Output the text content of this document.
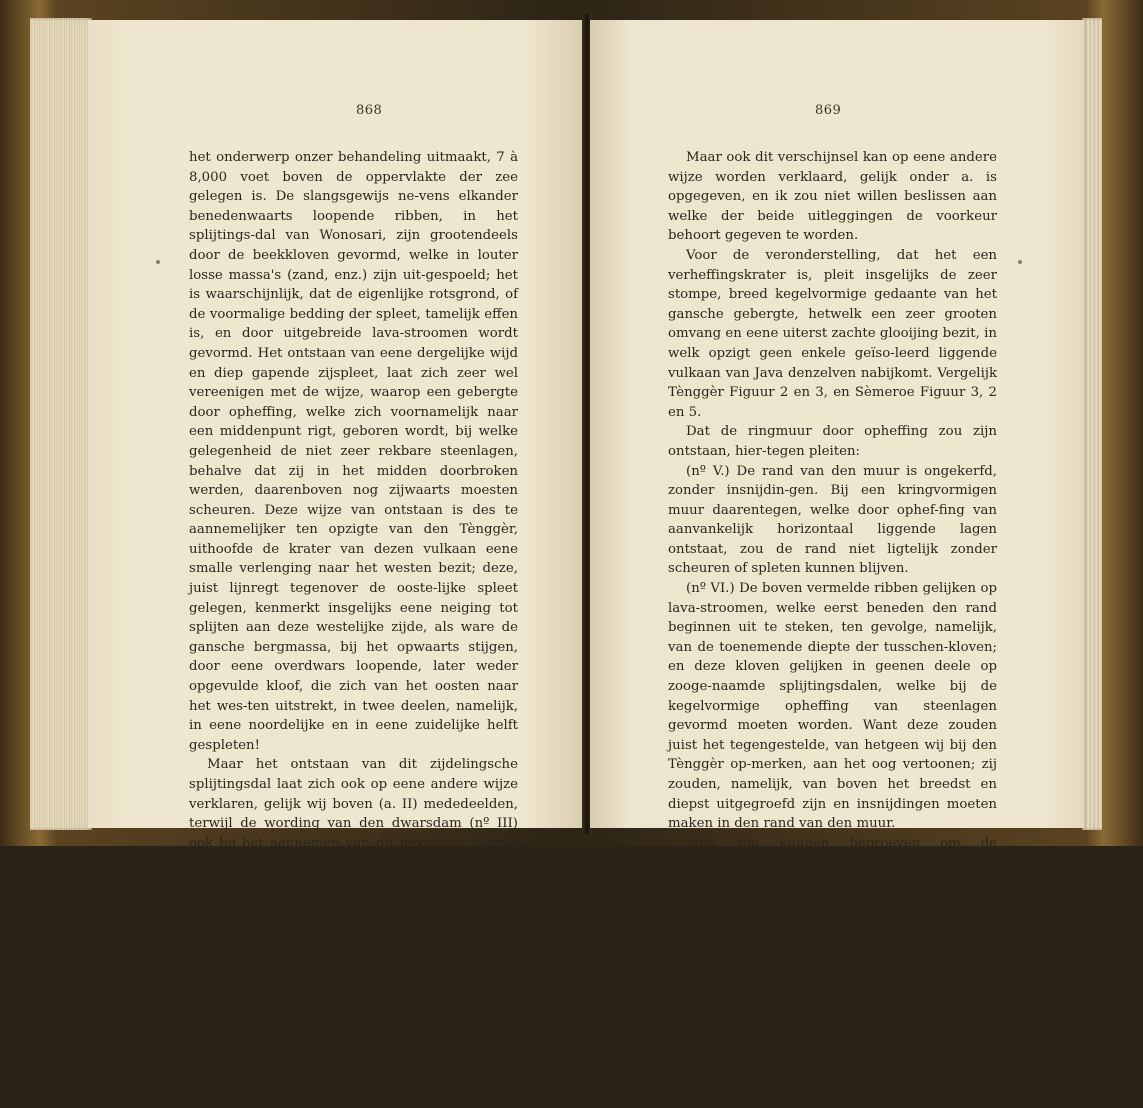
868

het onderwerp onzer behandeling uitmaakt, 7 à 8,000 voet boven de oppervlakte der zee gelegen is. De slangsgewijs ne-vens elkander benedenwaarts loopende ribben, in het splijtings-dal van Wonosari, zijn grootendeels door de beekkloven gevormd, welke in louter losse massa's (zand, enz.) zijn uit-gespoeld; het is waarschijnlijk, dat de eigenlijke rotsgrond, of de voormalige bedding der spleet, tamelijk effen is, en door uitgebreide lava-stroomen wordt gevormd. Het ontstaan van eene dergelijke wijd en diep gapende zijspleet, laat zich zeer wel vereenigen met de wijze, waarop een gebergte door opheffing, welke zich voornamelijk naar een middenpunt rigt, geboren wordt, bij welke gelegenheid de niet zeer rekbare steenlagen, behalve dat zij in het midden doorbroken werden, daarenboven nog zijwaarts moesten scheuren. Deze wijze van ontstaan is des te aannemelijker ten opzigte van den Tènggèr, uithoofde de krater van dezen vulkaan eene smalle verlenging naar het westen bezit; deze, juist lijnregt tegenover de ooste-lijke spleet gelegen, kenmerkt insgelijks eene neiging tot splijten aan deze westelijke zijde, als ware de gansche bergmassa, bij het opwaarts stijgen, door eene overdwars loopende, later weder opgevulde kloof, die zich van het oosten naar het wes-ten uitstrekt, in twee deelen, namelijk, in eene noordelijke en in eene zuidelijke helft gespleten!

Maar het ontstaan van dit zijdelingsche splijtingsdal laat zich ook op eene andere wijze verklaren, gelijk wij boven (a. II) mededeelden, terwijl de wording van den dwarsdam (nº III) ook bij het aannemen van dit gevoelen, slechts op de onder a. vroe-ger medegedeelde wijze kan verklaard worden.

Wijders schijnt (nº IV) de ongelijkheid, welke in de hoogte van den kratermuur wordt opgemerkt, en vooral de bijzonderheid, dat hij in de beide tegenover elkander gelegene punten, Ge-dalo en Boedolèmboe, juist in die rigting het hoogst is opge-dreven geworden, alwaar ook bij den kraterbodem de sterkste welving heeft plaats gehad, en alwaar de dwarsdam zich uit-strekt, dit schijnt, zeg ik, als een bewijs van opheffing van onderen naar boven beschouwd te mogen worden.

869

Maar ook dit verschijnsel kan op eene andere wijze worden verklaard, gelijk onder a. is opgegeven, en ik zou niet willen beslissen aan welke der beide uitleggingen de voorkeur behoort gegeven te worden.

Voor de veronderstelling, dat het een verheffingskrater is, pleit insgelijks de zeer stompe, breed kegelvormige gedaante van het gansche gebergte, hetwelk een zeer grooten omvang en eene uiterst zachte glooijing bezit, in welk opzigt geen enkele geïso-leerd liggende vulkaan van Java denzelven nabijkomt. Vergelijk Tènggèr Figuur 2 en 3, en Sèmeroe Figuur 3, 2 en 5.

Dat de ringmuur door opheffing zou zijn ontstaan, hier-tegen pleiten:

(nº V.) De rand van den muur is ongekerfd, zonder insnijdin-gen. Bij een kringvormigen muur daarentegen, welke door ophef-fing van aanvankelijk horizontaal liggende lagen ontstaat, zou de rand niet ligtelijk zonder scheuren of spleten kunnen blijven.

(nº VI.) De boven vermelde ribben gelijken op lava-stroomen, welke eerst beneden den rand beginnen uit te steken, ten gevolge, namelijk, van de toenemende diepte der tusschen-kloven; en deze kloven gelijken in geenen deele op zooge-naamde splijtingsdalen, welke bij de kegelvormige opheffing van steenlagen gevormd moeten worden. Want deze zouden juist het tegengestelde, van hetgeen wij bij den Tènggèr op-merken, aan het oog vertoonen; zij zouden, namelijk, van boven het breedst en diepst uitgegroefd zijn en insnijdingen moeten maken in den rand van den muur.

Men zou kunnen beproeven om de tegenwerpingen onder nº V en VI medegedeeld te ontzenuwen, door aan te nemen: dat de inkervingen in den rand en in de hoogere gedeelten der spleten door latere uitwerpselen zijn opgevuld geworden; vroeger echter is reeds aangevoerd, dat dit bij den Tènggèr niet het geval kan zijn, en dat de Ider-rand uit onafgebrokene trachiet-lagen bestaat; de honderden van ribben, die men aan zijne buitenwaarts gekeerde helling opmerkt, hebben een ge-kronkelden loop, zijn zeer regelmatig in nevenribben gesplitst,
